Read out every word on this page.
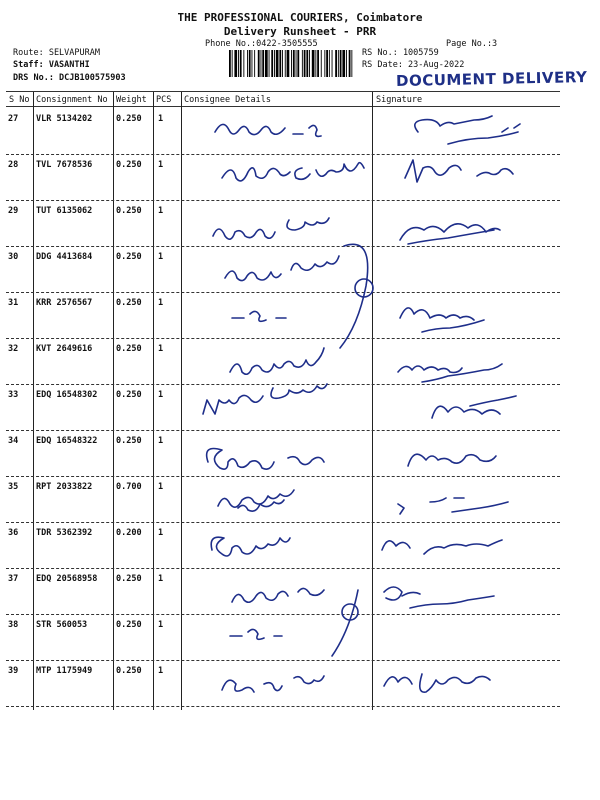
THE PROFESSIONAL COURIERS, Coimbatore
Delivery Runsheet - PRR
Phone No.:0422-3505555	Page No.:3
Route: SELVAPURAM
Staff: VASANTHI
DRS No.: DCJB100575903
RS No.: 1005759
RS Date: 23-Aug-2022
DOCUMENT DELIVERY
S No Consignment No Weight PCS Consignee Details	Signature
27 VLR 5134202	0.250 1
28 TVL 7678536	0.250 1
29 TUT 6135062	0.250 1
30 DDG 4413684	0.250 1
31 KRR 2576567	0.250 1
32 KVT 2649616	0.250 1
33 EDQ 16548302 0.250 1
34 EDQ 16548322 0.250 1
35 RPT 2033822	0.700 1
36 TDR 5362392	0.200 1
37 EDQ 20568958 0.250 1
38 STR 560053	0.250 1
39 MTP 1175949	0.250 1
